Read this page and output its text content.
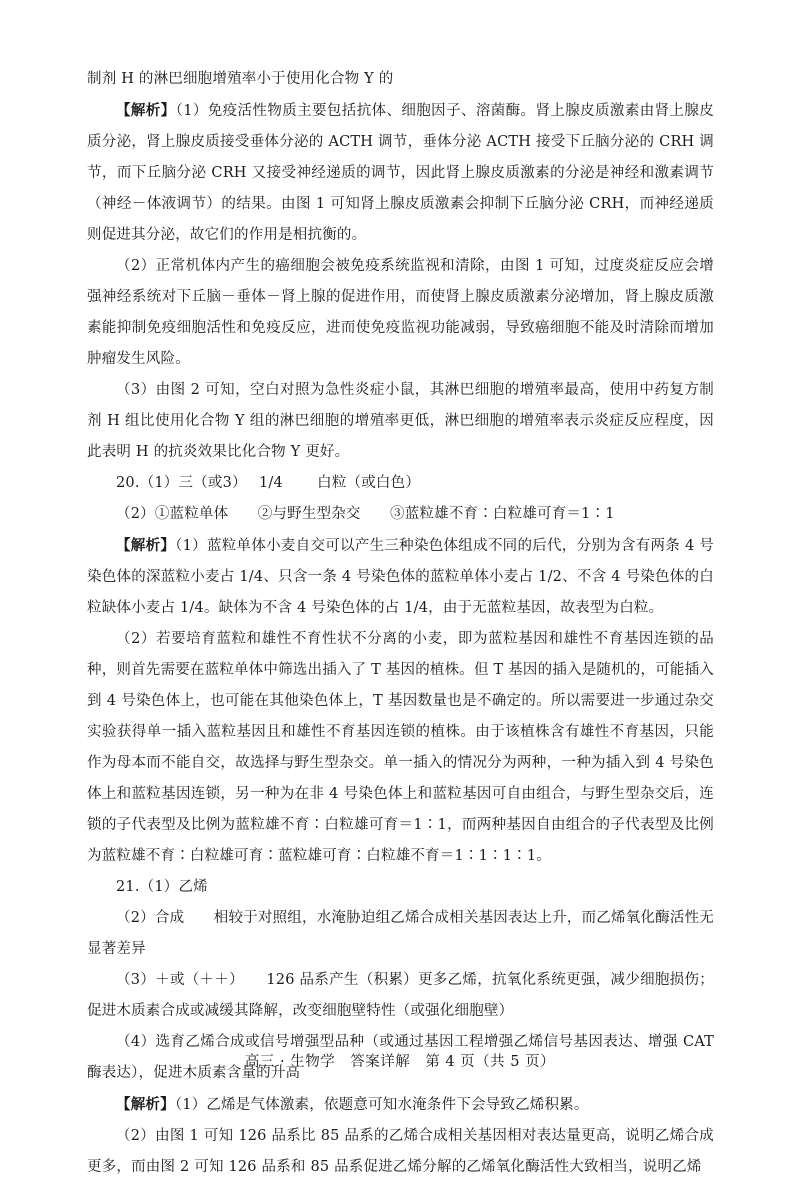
制剂 H 的淋巴细胞增殖率小于使用化合物 Y 的

【解析】（1）免疫活性物质主要包括抗体、细胞因子、溶菌酶。肾上腺皮质激素由肾上腺皮质分泌，肾上腺皮质接受垂体分泌的 ACTH 调节，垂体分泌 ACTH 接受下丘脑分泌的 CRH 调节，而下丘脑分泌 CRH 又接受神经递质的调节，因此肾上腺皮质激素的分泌是神经和激素调节（神经－体液调节）的结果。由图 1 可知肾上腺皮质激素会抑制下丘脑分泌 CRH，而神经递质则促进其分泌，故它们的作用是相抗衡的。

（2）正常机体内产生的癌细胞会被免疫系统监视和清除，由图 1 可知，过度炎症反应会增强神经系统对下丘脑－垂体－肾上腺的促进作用，而使肾上腺皮质激素分泌增加，肾上腺皮质激素能抑制免疫细胞活性和免疫反应，进而使免疫监视功能减弱，导致癌细胞不能及时清除而增加肿瘤发生风险。

（3）由图 2 可知，空白对照为急性炎症小鼠，其淋巴细胞的增殖率最高，使用中药复方制剂 H 组比使用化合物 Y 组的淋巴细胞的增殖率更低，淋巴细胞的增殖率表示炎症反应程度，因此表明 H 的抗炎效果比化合物 Y 更好。

20.（1）三（或3）　 1/4　　 白粒（或白色）

（2）①蓝粒单体　　②与野生型杂交　　③蓝粒雄不育∶白粒雄可育＝1∶1

【解析】（1）蓝粒单体小麦自交可以产生三种染色体组成不同的后代，分别为含有两条 4 号染色体的深蓝粒小麦占 1/4、只含一条 4 号染色体的蓝粒单体小麦占 1/2、不含 4 号染色体的白粒缺体小麦占 1/4。缺体为不含 4 号染色体的占 1/4，由于无蓝粒基因，故表型为白粒。

（2）若要培育蓝粒和雄性不育性状不分离的小麦，即为蓝粒基因和雄性不育基因连锁的品种，则首先需要在蓝粒单体中筛选出插入了 T 基因的植株。但 T 基因的插入是随机的，可能插入到 4 号染色体上，也可能在其他染色体上，T 基因数量也是不确定的。所以需要进一步通过杂交实验获得单一插入蓝粒基因且和雄性不育基因连锁的植株。由于该植株含有雄性不育基因，只能作为母本而不能自交，故选择与野生型杂交。单一插入的情况分为两种，一种为插入到 4 号染色体上和蓝粒基因连锁，另一种为在非 4 号染色体上和蓝粒基因可自由组合，与野生型杂交后，连锁的子代表型及比例为蓝粒雄不育∶白粒雄可育＝1∶1，而两种基因自由组合的子代表型及比例为蓝粒雄不育∶白粒雄可育∶蓝粒雄可育∶白粒雄不育＝1∶1∶1∶1。

21.（1）乙烯

（2）合成　　相较于对照组，水淹胁迫组乙烯合成相关基因表达上升，而乙烯氧化酶活性无显著差异

（3）＋或（＋＋）　　126 品系产生（积累）更多乙烯，抗氧化系统更强，减少细胞损伤；促进木质素合成或减缓其降解，改变细胞壁特性（或强化细胞壁）

（4）选育乙烯合成或信号增强型品种（或通过基因工程增强乙烯信号基因表达、增强 CAT 酶表达），促进木质素含量的升高

【解析】（1）乙烯是气体激素，依题意可知水淹条件下会导致乙烯积累。

（2）由图 1 可知 126 品系比 85 品系的乙烯合成相关基因相对表达量更高，说明乙烯合成更多，而由图 2 可知 126 品系和 85 品系促进乙烯分解的乙烯氧化酶活性大致相当，说明乙烯

高三 · 生物学　答案详解　第 4 页（共 5 页）
